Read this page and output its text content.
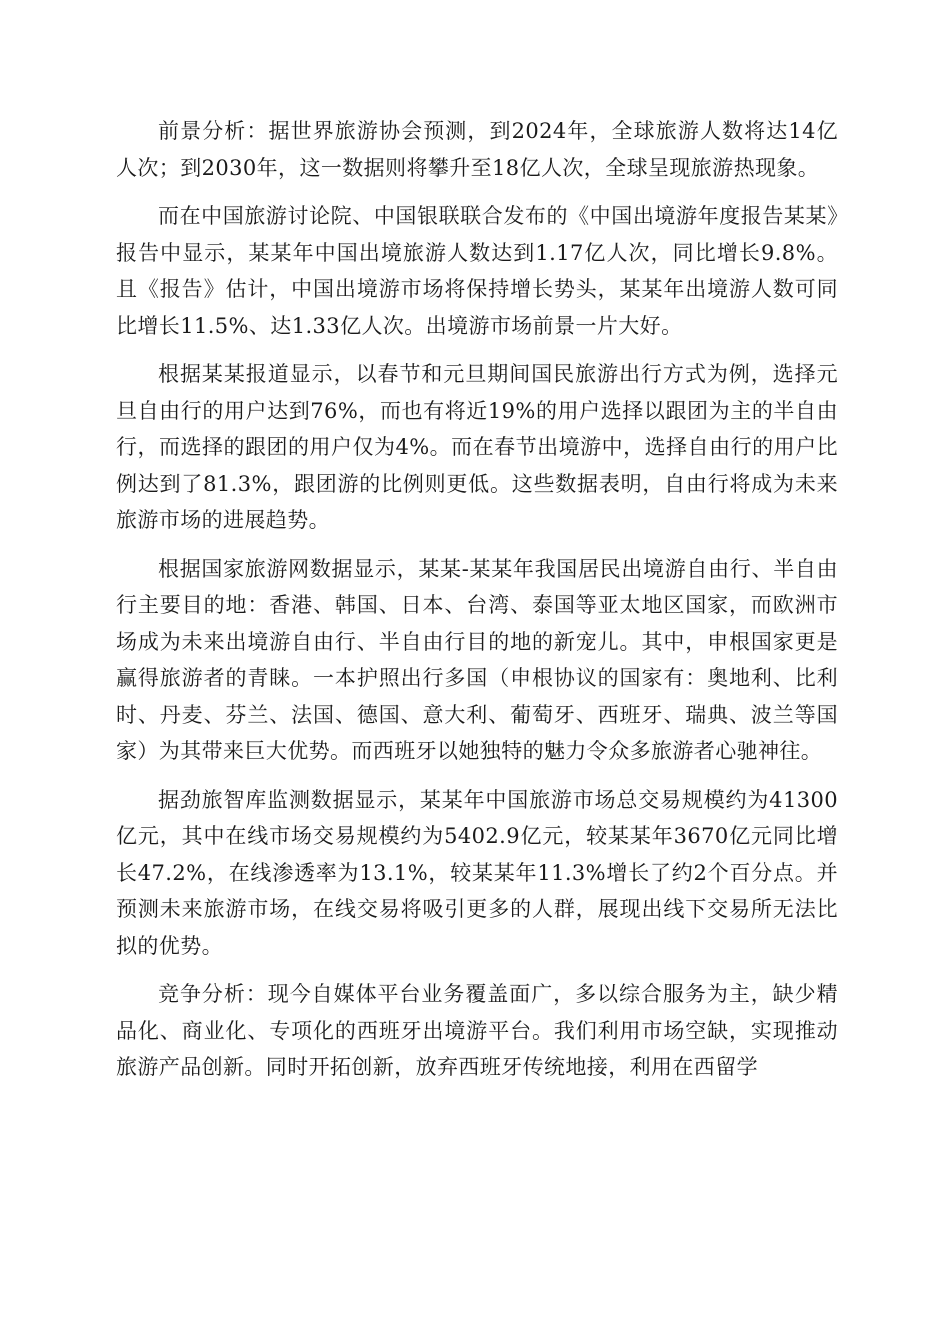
前景分析：据世界旅游协会预测，到2024年，全球旅游人数将达14亿人次；到2030年，这一数据则将攀升至18亿人次，全球呈现旅游热现象。

而在中国旅游讨论院、中国银联联合发布的《中国出境游年度报告某某》报告中显示，某某年中国出境旅游人数达到1.17亿人次，同比增长9.8%。且《报告》估计，中国出境游市场将保持增长势头，某某年出境游人数可同比增长11.5%、达1.33亿人次。出境游市场前景一片大好。

根据某某报道显示，以春节和元旦期间国民旅游出行方式为例，选择元旦自由行的用户达到76%，而也有将近19%的用户选择以跟团为主的半自由行，而选择的跟团的用户仅为4%。而在春节出境游中，选择自由行的用户比例达到了81.3%，跟团游的比例则更低。这些数据表明，自由行将成为未来旅游市场的进展趋势。

根据国家旅游网数据显示，某某-某某年我国居民出境游自由行、半自由行主要目的地：香港、韩国、日本、台湾、泰国等亚太地区国家，而欧洲市场成为未来出境游自由行、半自由行目的地的新宠儿。其中，申根国家更是赢得旅游者的青睐。一本护照出行多国（申根协议的国家有：奥地利、比利时、丹麦、芬兰、法国、德国、意大利、葡萄牙、西班牙、瑞典、波兰等国家）为其带来巨大优势。而西班牙以她独特的魅力令众多旅游者心驰神往。

据劲旅智库监测数据显示，某某年中国旅游市场总交易规模约为41300亿元，其中在线市场交易规模约为5402.9亿元，较某某年3670亿元同比增长47.2%，在线渗透率为13.1%，较某某年11.3%增长了约2个百分点。并预测未来旅游市场，在线交易将吸引更多的人群，展现出线下交易所无法比拟的优势。

竞争分析：现今自媒体平台业务覆盖面广，多以综合服务为主，缺少精品化、商业化、专项化的西班牙出境游平台。我们利用市场空缺，实现推动旅游产品创新。同时开拓创新，放弃西班牙传统地接，利用在西留学
